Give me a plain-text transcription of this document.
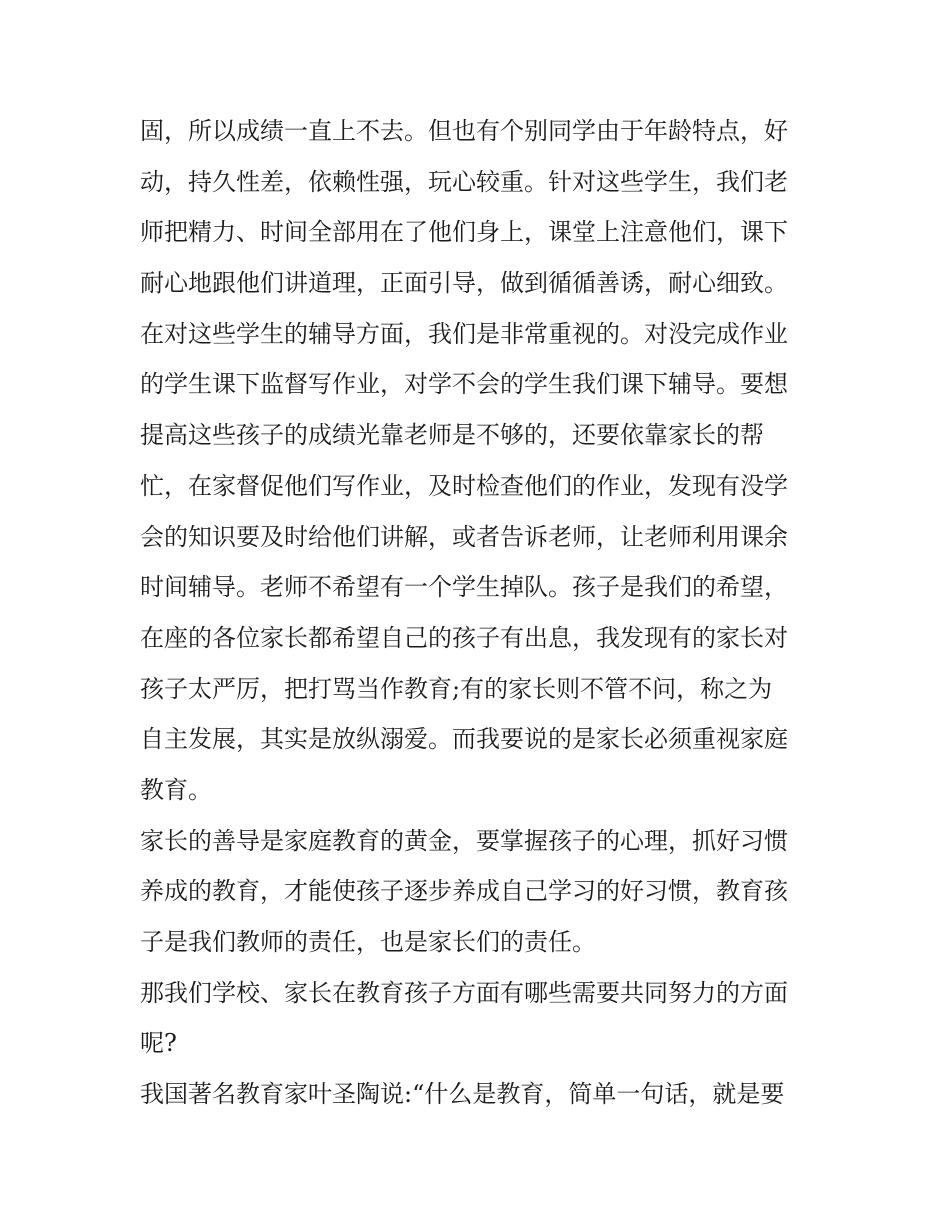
固，所以成绩一直上不去。但也有个别同学由于年龄特点，好
动，持久性差，依赖性强，玩心较重。针对这些学生，我们老
师把精力、时间全部用在了他们身上，课堂上注意他们，课下
耐心地跟他们讲道理，正面引导，做到循循善诱，耐心细致。
在对这些学生的辅导方面，我们是非常重视的。对没完成作业
的学生课下监督写作业，对学不会的学生我们课下辅导。要想
提高这些孩子的成绩光靠老师是不够的，还要依靠家长的帮
忙，在家督促他们写作业，及时检查他们的作业，发现有没学
会的知识要及时给他们讲解，或者告诉老师，让老师利用课余
时间辅导。老师不希望有一个学生掉队。孩子是我们的希望，
在座的各位家长都希望自己的孩子有出息，我发现有的家长对
孩子太严厉，把打骂当作教育;有的家长则不管不问，称之为
自主发展，其实是放纵溺爱。而我要说的是家长必须重视家庭
教育。
家长的善导是家庭教育的黄金，要掌握孩子的心理，抓好习惯
养成的教育，才能使孩子逐步养成自己学习的好习惯，教育孩
子是我们教师的责任，也是家长们的责任。
那我们学校、家长在教育孩子方面有哪些需要共同努力的方面
呢?
我国著名教育家叶圣陶说:“什么是教育，简单一句话，就是要
